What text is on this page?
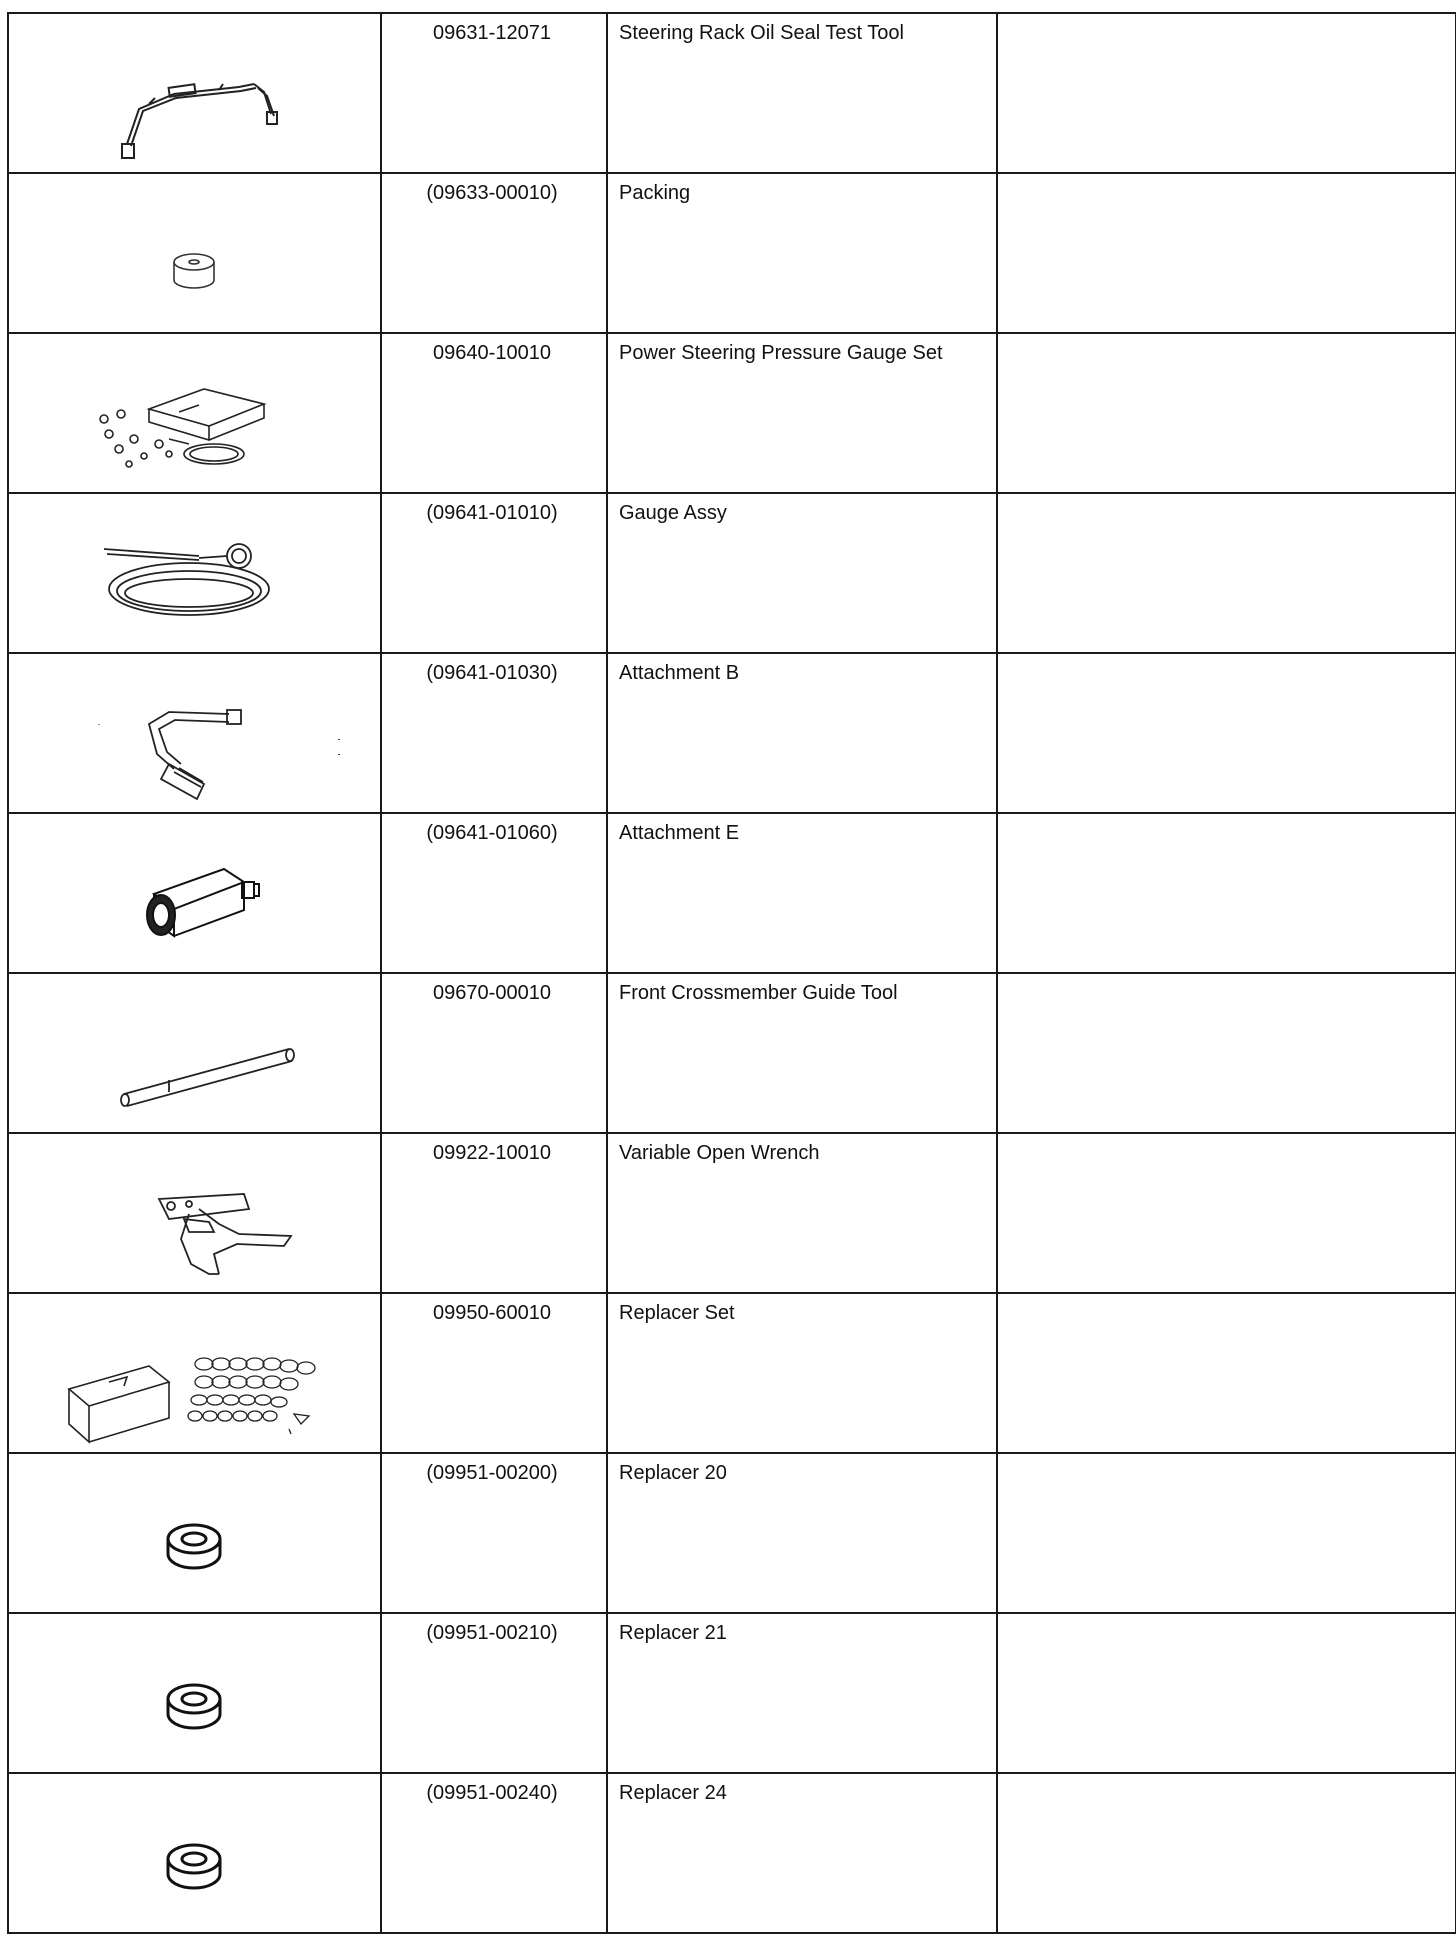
09631-12071	Steering Rack Oil Seal Test Tool	

(09633-00010)	Packing	

09640-10010	Power Steering Pressure Gauge Set	

(09641-01010)	Gauge Assy	

(09641-01030)	Attachment B	

(09641-01060)	Attachment E	

09670-00010	Front Crossmember Guide Tool	

09922-10010	Variable Open Wrench	

09950-60010	Replacer Set	

(09951-00200)	Replacer 20	

(09951-00210)	Replacer 21	

(09951-00240)	Replacer 24	
